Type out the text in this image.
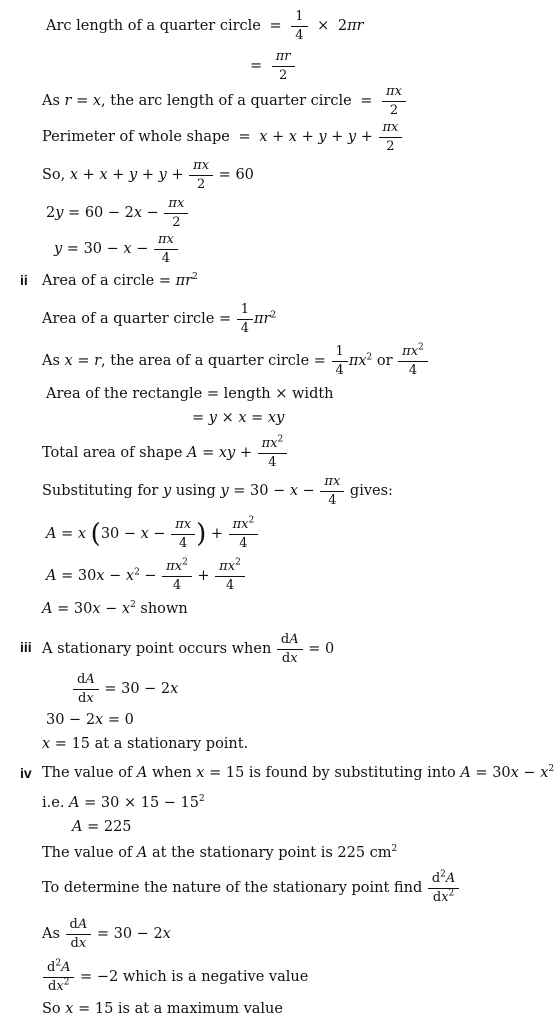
Arc length of a quarter circle = $\frac{1}{4} \times 2\pi r$
= $\frac{\pi r}{2}$
As r = x, the arc length of a quarter circle = $\frac{\pi x}{2}$
Perimeter of whole shape = $x + x + y + y + \frac{\pi x}{2}$
So, $x + x + y + y + \frac{\pi x}{2} = 60$
$2y = 60 - 2x - \frac{\pi x}{2}$
$y = 30 - x - \frac{\pi x}{4}$
ii Area of a circle = $\pi r^2$
Area of a quarter circle = $\frac{1}{4} \pi r^2$
As x = r, the area of a quarter circle = $\frac{1}{4} \pi x^2$ or $\frac{\pi x^2}{4}$
Area of the rectangle = length × width
= y × x = xy
Total area of shape A = xy + $\frac{\pi x^2}{4}$
Substituting for y using $y = 30 - x - \frac{\pi x}{4}$ gives:
A = x ($30 - x - \frac{\pi x}{4}$ ) + $\frac{\pi x^2}{4}$
$A = 30x - x^2 - \frac{\pi x^2}{4} + \frac{\pi x^2}{4}$
$A = 30x - x^2$ shown
iii A stationary point occurs when $\frac{dA}{dx} = 0$
$\frac{dA}{dx} = 30 - 2x$
30 − 2x = 0
x = 15 at a stationary point.
iv The value of A when x = 15 is found by substituting into $A = 30x - x^2$
i.e. $A = 30 \times 15 - 15^2$
A = 225
The value of A at the stationary point is 225 $cm^2$
To determine the nature of the stationary point find $\frac{d^2A}{dx^2}$
As $\frac{dA}{dx} = 30 - 2x$
$\frac{d^2A}{dx^2} = -2$ which is a negative value
So x = 15 is at a maximum value
